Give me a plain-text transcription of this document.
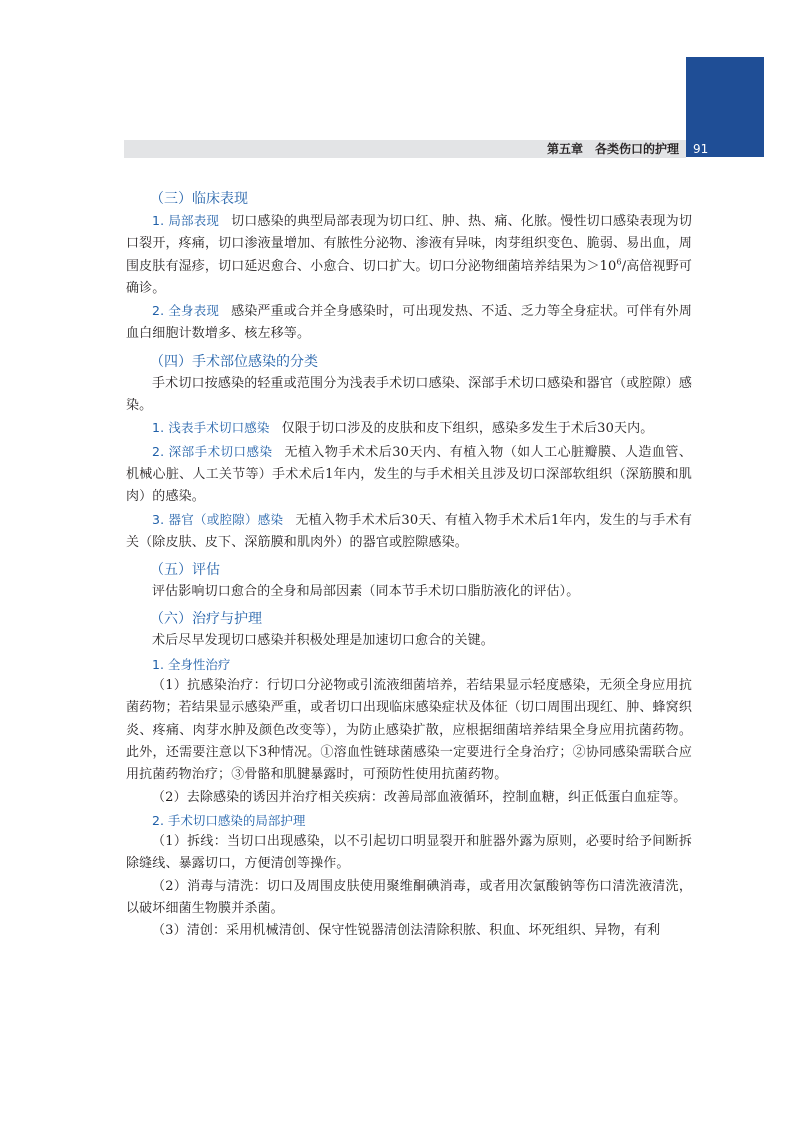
第五章　各类伤口的护理	91
（三）临床表现

1. 局部表现 切口感染的典型局部表现为切口红、肿、热、痛、化脓。慢性切口感染表现为切口裂开，疼痛，切口渗液量增加、有脓性分泌物、渗液有异味，肉芽组织变色、脆弱、易出血，周围皮肤有湿疹，切口延迟愈合、小愈合、切口扩大。切口分泌物细菌培养结果为$>10^6/$高倍视野可确诊。

2. 全身表现 感染严重或合并全身感染时，可出现发热、不适、乏力等全身症状。可伴有外周血白细胞计数增多、核左移等。

（四）手术部位感染的分类

手术切口按感染的轻重或范围分为浅表手术切口感染、深部手术切口感染和器官（或腔隙）感染。

1. 浅表手术切口感染 仅限于切口涉及的皮肤和皮下组织，感染多发生于术后30天内。

2. 深部手术切口感染 无植入物手术术后30天内、有植入物（如人工心脏瓣膜、人造血管、机械心脏、人工关节等）手术术后1年内，发生的与手术相关且涉及切口深部软组织（深筋膜和肌肉）的感染。

3. 器官（或腔隙）感染 无植入物手术术后30天、有植入物手术术后1年内，发生的与手术有关（除皮肤、皮下、深筋膜和肌肉外）的器官或腔隙感染。

（五）评估

评估影响切口愈合的全身和局部因素（同本节手术切口脂肪液化的评估）。

（六）治疗与护理

术后尽早发现切口感染并积极处理是加速切口愈合的关键。

1. 全身性治疗

（1）抗感染治疗：行切口分泌物或引流液细菌培养，若结果显示轻度感染，无须全身应用抗菌药物；若结果显示感染严重，或者切口出现临床感染症状及体征（切口周围出现红、肿、蜂窝织炎、疼痛、肉芽水肿及颜色改变等），为防止感染扩散，应根据细菌培养结果全身应用抗菌药物。此外，还需要注意以下3种情况。①溶血性链球菌感染一定要进行全身治疗；②协同感染需联合应用抗菌药物治疗；③骨骼和肌腱暴露时，可预防性使用抗菌药物。

（2）去除感染的诱因并治疗相关疾病：改善局部血液循环，控制血糖，纠正低蛋白血症等。

2. 手术切口感染的局部护理

（1）拆线：当切口出现感染，以不引起切口明显裂开和脏器外露为原则，必要时给予间断拆除缝线、暴露切口，方便清创等操作。

（2）消毒与清洗：切口及周围皮肤使用聚维酮碘消毒，或者用次氯酸钠等伤口清洗液清洗，以破坏细菌生物膜并杀菌。

（3）清创：采用机械清创、保守性锐器清创法清除积脓、积血、坏死组织、异物，有利
